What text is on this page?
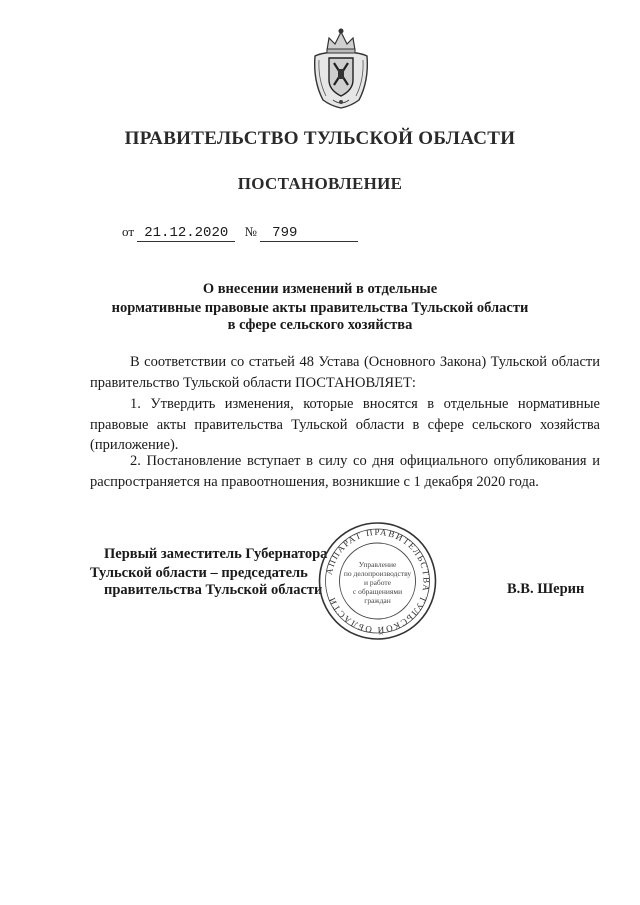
ПРАВИТЕЛЬСТВО ТУЛЬСКОЙ ОБЛАСТИ
ПОСТАНОВЛЕНИЕ
от 21.12.2020 № 799
О внесении изменений в отдельные
нормативные правовые акты правительства Тульской области
в сфере сельского хозяйства
В соответствии со статьей 48 Устава (Основного Закона) Тульской области правительство Тульской области ПОСТАНОВЛЯЕТ:
1. Утвердить изменения, которые вносятся в отдельные нормативные правовые акты правительства Тульской области в сфере сельского хозяйства (приложение).
2. Постановление вступает в силу со дня официального опубликования и распространяется на правоотношения, возникшие с 1 декабря 2020 года.
Первый заместитель Губернатора
Тульской области – председатель
правительства Тульской области	В.В. Шерин
АППАРАТ ПРАВИТЕЛЬСТВА ТУЛЬСКОЙ ОБЛАСТИ
Управление
по делопроизводству
и работе
с обращениями
граждан
